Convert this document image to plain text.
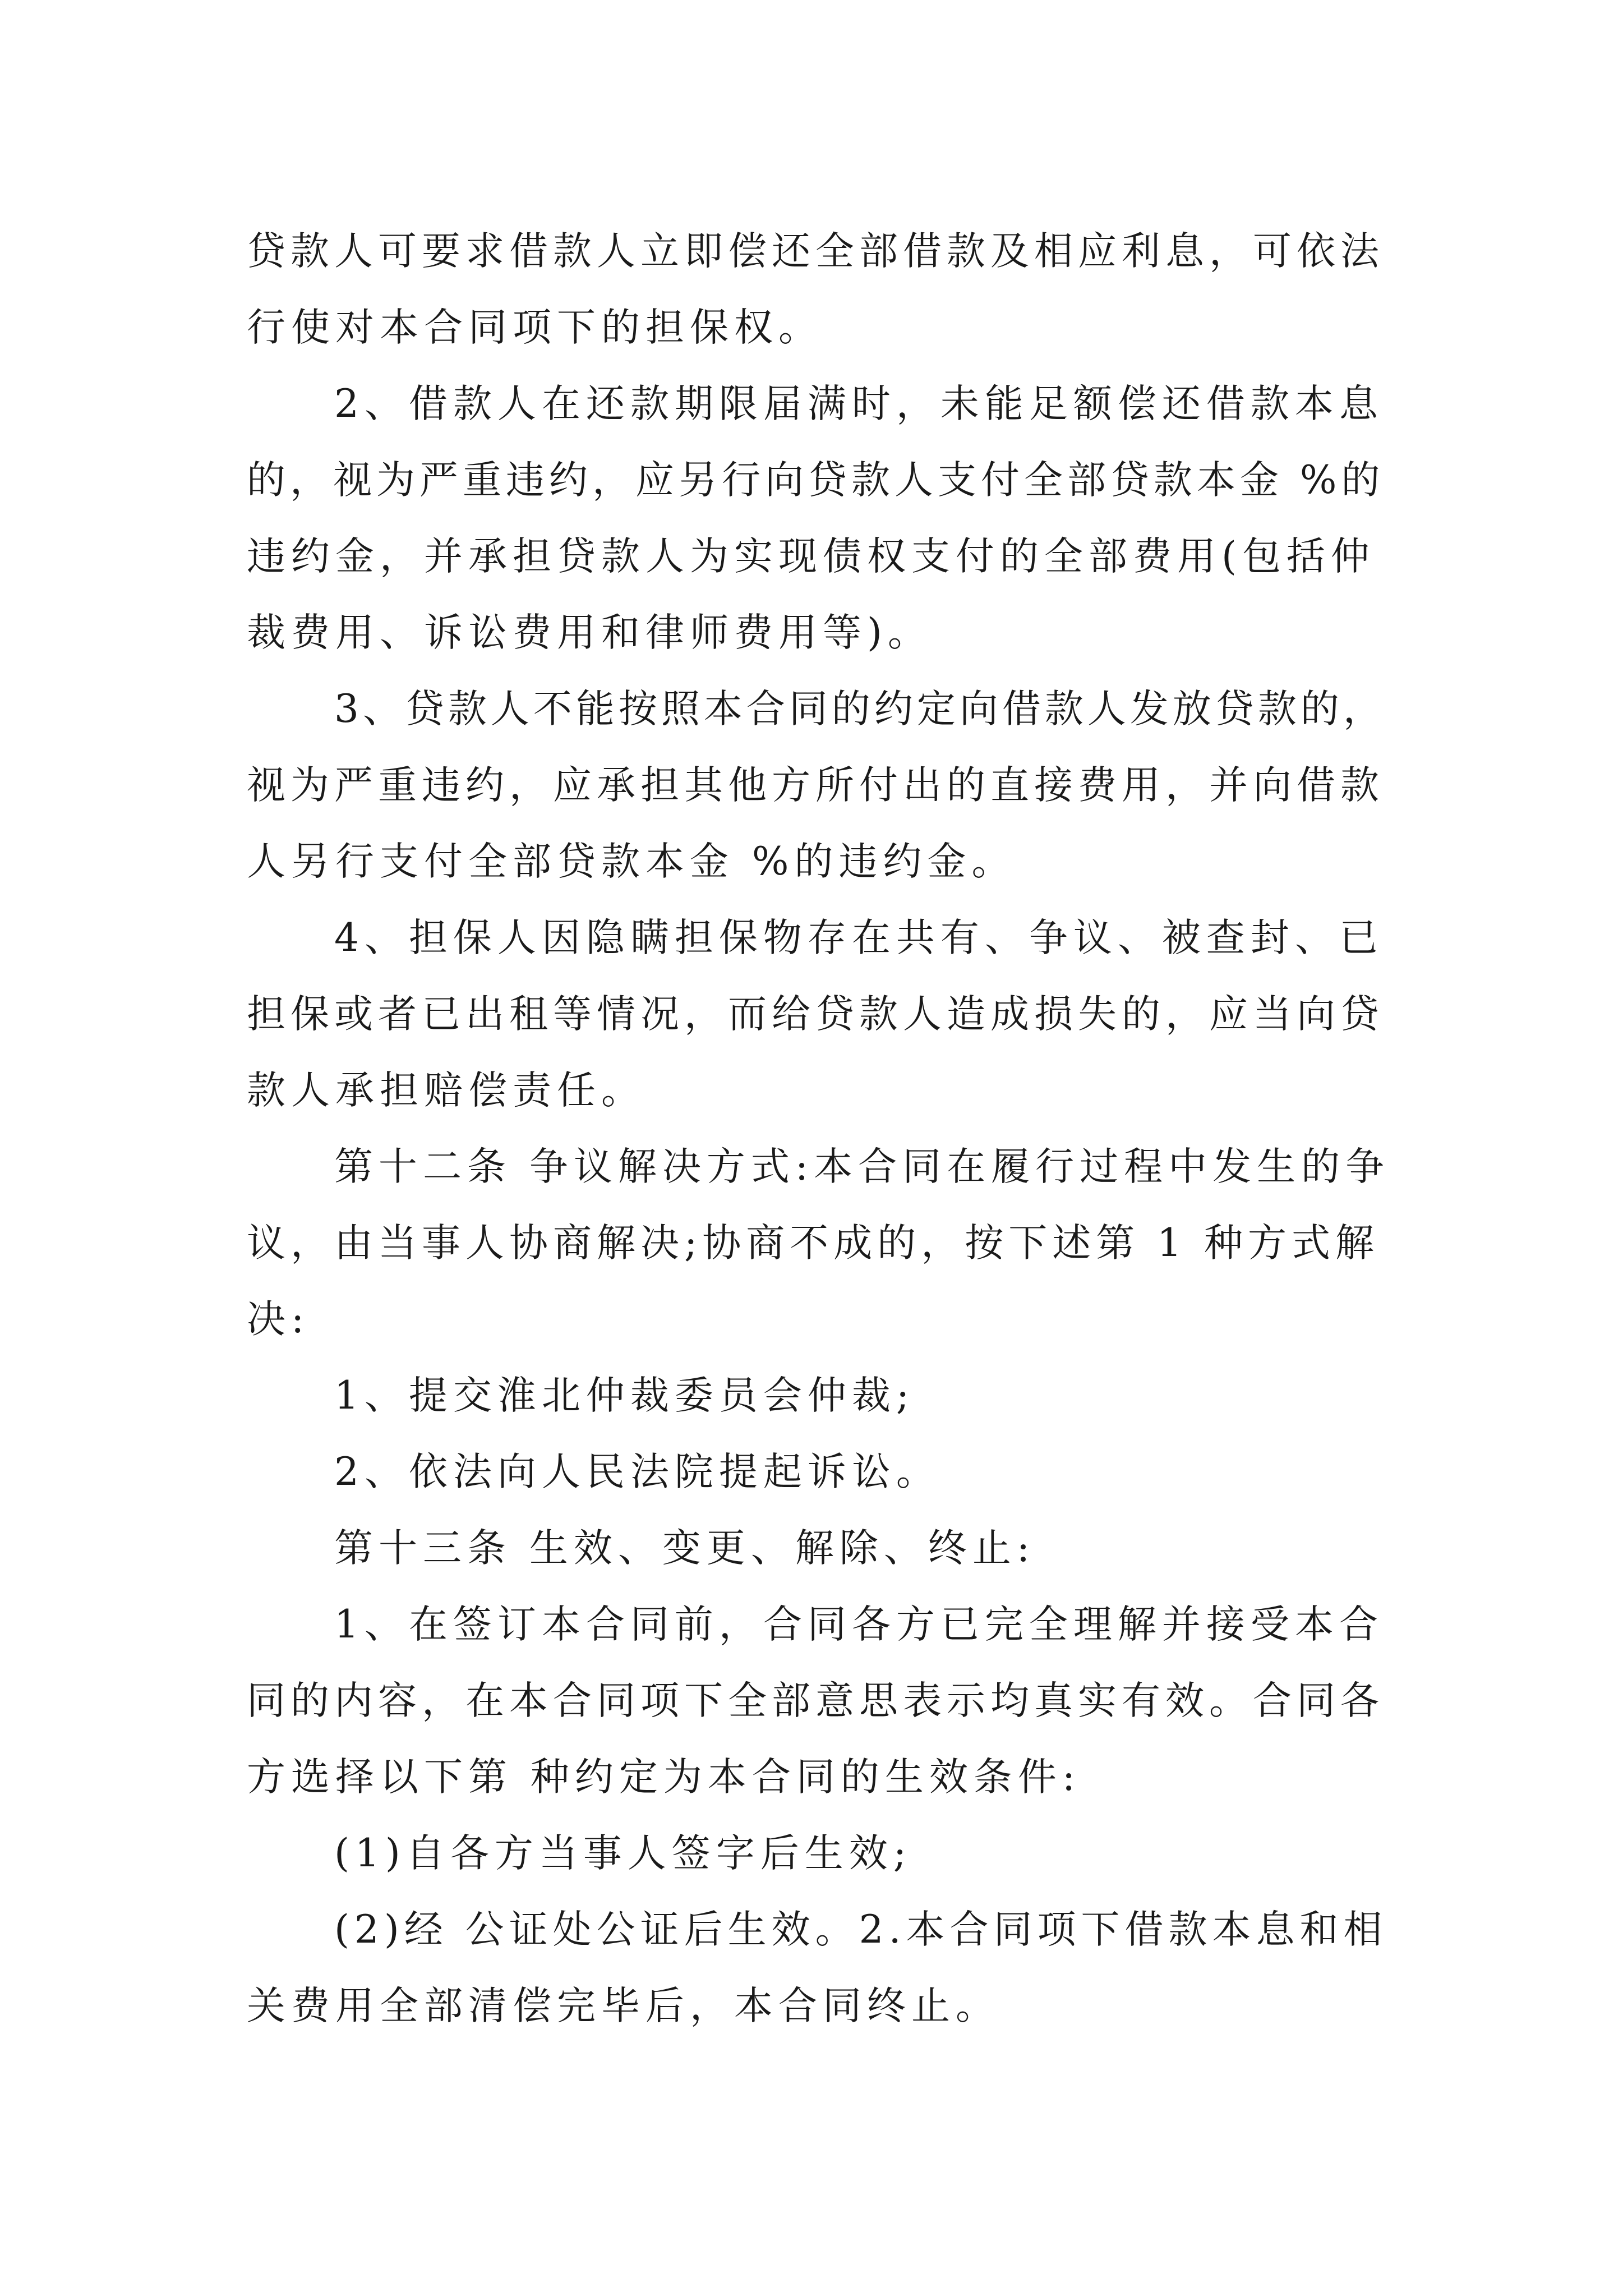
贷款人可要求借款人立即偿还全部借款及相应利息，可依法
行使对本合同项下的担保权。
2、借款人在还款期限届满时，未能足额偿还借款本息
的，视为严重违约，应另行向贷款人支付全部贷款本金 %的
违约金，并承担贷款人为实现债权支付的全部费用(包括仲
裁费用、诉讼费用和律师费用等)。
3、贷款人不能按照本合同的约定向借款人发放贷款的，
视为严重违约，应承担其他方所付出的直接费用，并向借款
人另行支付全部贷款本金 %的违约金。
4、担保人因隐瞒担保物存在共有、争议、被查封、已
担保或者已出租等情况，而给贷款人造成损失的，应当向贷
款人承担赔偿责任。
第十二条 争议解决方式:本合同在履行过程中发生的争
议，由当事人协商解决;协商不成的，按下述第 1 种方式解
决:
1、提交淮北仲裁委员会仲裁;
2、依法向人民法院提起诉讼。
第十三条 生效、变更、解除、终止:
1、在签订本合同前，合同各方已完全理解并接受本合
同的内容，在本合同项下全部意思表示均真实有效。合同各
方选择以下第 种约定为本合同的生效条件:
(1)自各方当事人签字后生效;
(2)经 公证处公证后生效。2.本合同项下借款本息和相
关费用全部清偿完毕后，本合同终止。
